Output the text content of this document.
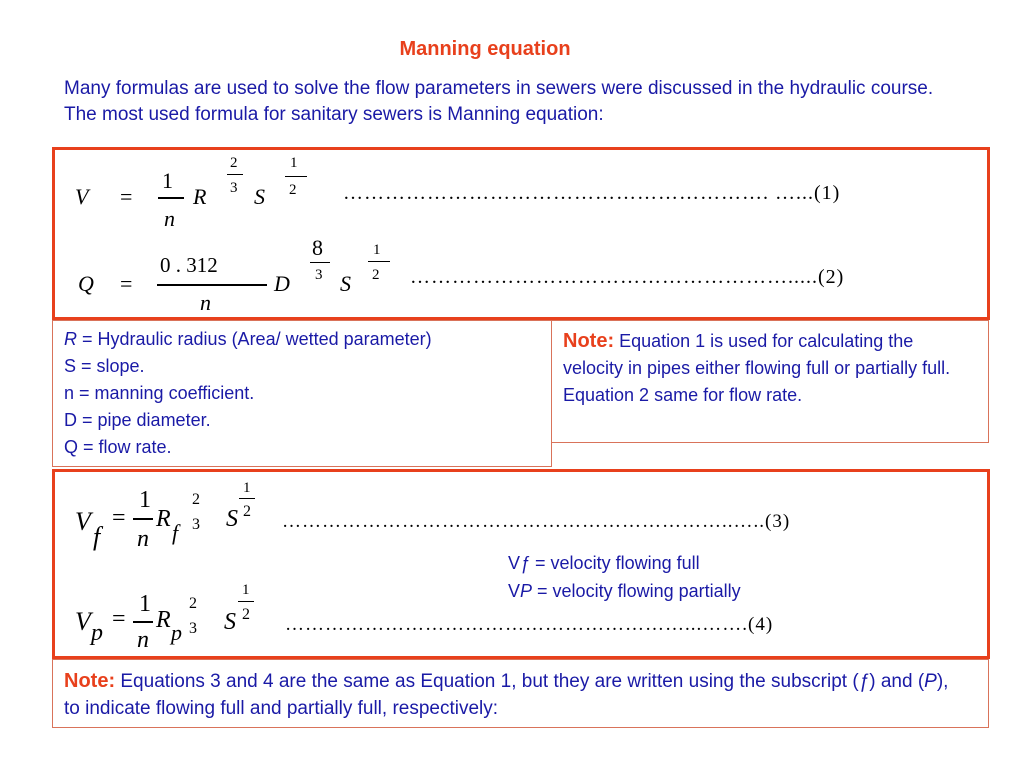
Manning equation
Many formulas are used to solve the flow parameters in sewers were discussed in the hydraulic course. The most used formula for sanitary sewers is Manning equation:
V =
1
n
R
2
3 S
1
2 ……………………………………………………. …...(1)
Q =
0 . 312
n
D
8
3 S
1
2 ……………………………………………….....(2)
R = Hydraulic radius (Area/ wetted parameter)
S = slope.
n = manning coefficient.
D = pipe diameter.
Q = flow rate.
Note: Equation 1 is used for calculating the velocity in pipes either flowing full or partially full. Equation 2 same for flow rate.
V
f
=
1
n
R
f
2
3 S
1
2 …………………………………………………………..…..(3)
Vƒ = velocity flowing full
VP = velocity flowing partially
V p
=
1
n
R p
2
3 S
1
2 ……………………………………………………...…….(4)
Note: Equations 3 and 4 are the same as Equation 1, but they are written using the subscript (ƒ) and (P), to indicate flowing full and partially full, respectively:
